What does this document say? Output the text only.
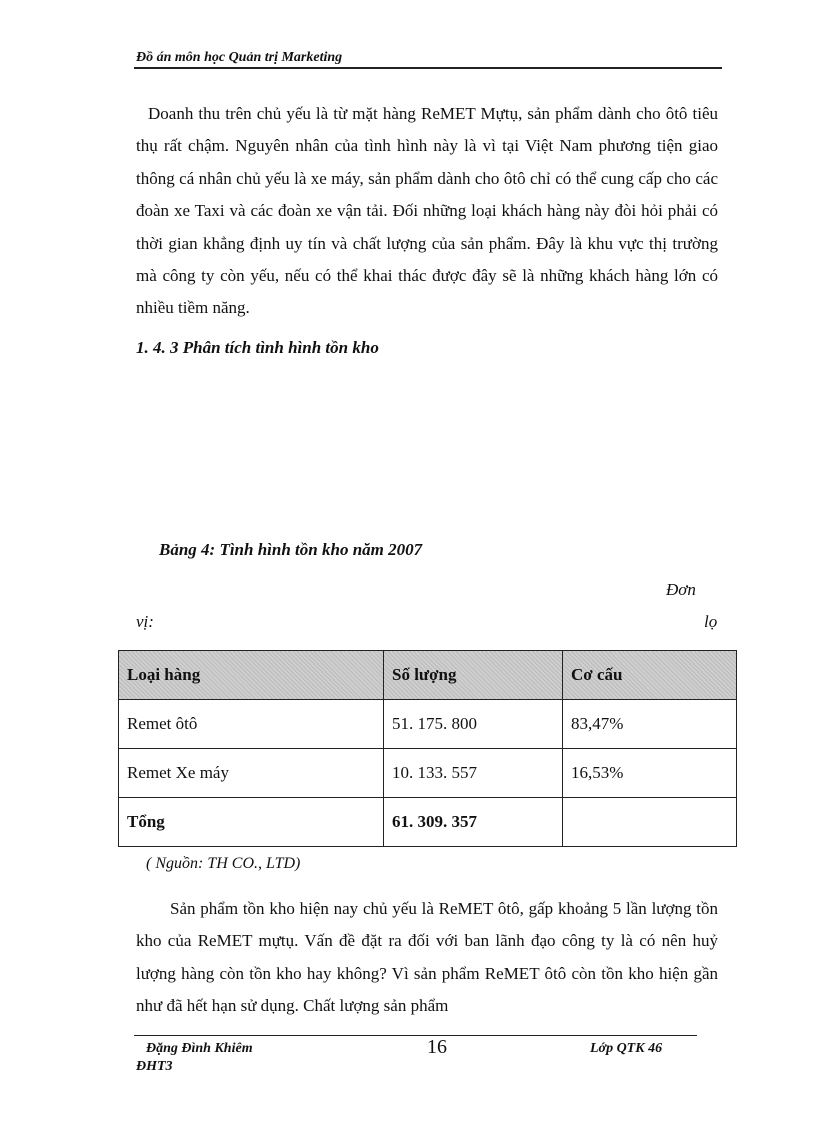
Đồ án môn học Quản trị Marketing

Doanh thu trên chủ yếu là từ mặt hàng ReMET Mựtụ, sản phẩm dành cho ôtô tiêu thụ rất chậm. Nguyên nhân của tình hình này là vì tại Việt Nam phương tiện giao thông cá nhân chủ yếu là xe máy, sản phẩm dành cho ôtô chỉ có thể cung cấp cho các đoàn xe Taxi và các đoàn xe vận tải. Đối những loại khách hàng này đòi hỏi phải có thời gian khẳng định uy tín và chất lượng của sản phẩm. Đây là khu vực thị trường mà công ty còn yếu, nếu có thể khai thác được đây sẽ là những khách hàng lớn có nhiều tiềm năng.

1. 4. 3 Phân tích tình hình tồn kho
Bảng 4: Tình hình tồn kho năm 2007
Đơn
vị:	lọ
Loại hàng	Số lượng	Cơ cấu
Remet ôtô	51. 175. 800	83,47%
Remet Xe máy	10. 133. 557	16,53%
Tổng	61. 309. 357	
( Nguồn: TH CO., LTD)

Sản phẩm tồn kho hiện nay chủ yếu là ReMET ôtô, gấp khoảng 5 lần lượng tồn kho của ReMET mựtụ. Vấn đề đặt ra đối với ban lãnh đạo công ty là có nên huỷ lượng hàng còn tồn kho hay không? Vì sản phẩm ReMET ôtô còn tồn kho hiện gần như đã hết hạn sử dụng. Chất lượng sản phẩm

Đặng Đình Khiêm
ĐHT3
16	Lớp QTK 46
